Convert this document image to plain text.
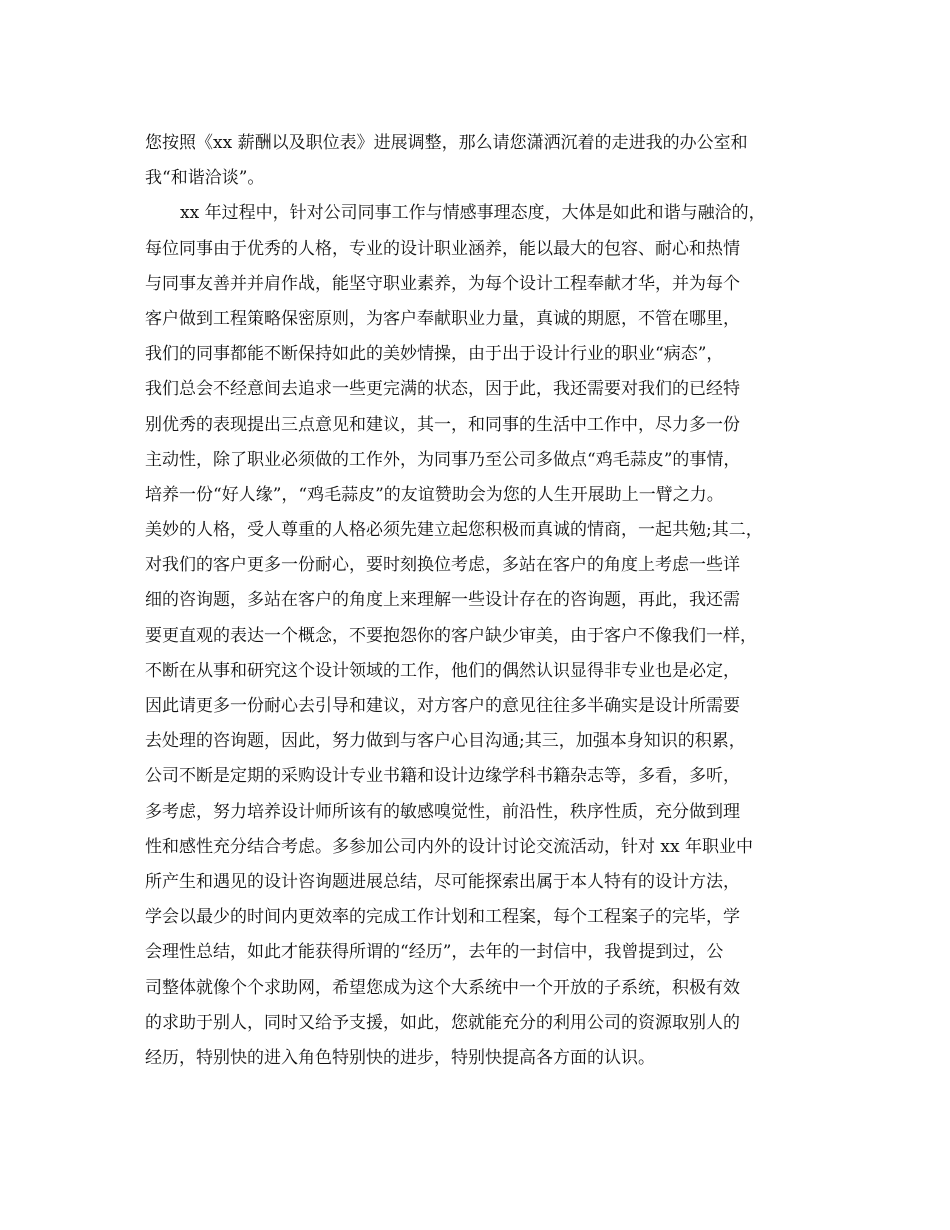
您按照《xx 薪酬以及职位表》进展调整，那么请您潇洒沉着的走进我的办公室和
我“和谐洽谈”。
xx 年过程中，针对公司同事工作与情感事理态度，大体是如此和谐与融洽的，
每位同事由于优秀的人格，专业的设计职业涵养，能以最大的包容、耐心和热情
与同事友善并并肩作战，能坚守职业素养，为每个设计工程奉献才华，并为每个
客户做到工程策略保密原则，为客户奉献职业力量，真诚的期愿，不管在哪里，
我们的同事都能不断保持如此的美妙情操，由于出于设计行业的职业“病态”，
我们总会不经意间去追求一些更完满的状态，因于此，我还需要对我们的已经特
别优秀的表现提出三点意见和建议，其一，和同事的生活中工作中，尽力多一份
主动性，除了职业必须做的工作外，为同事乃至公司多做点“鸡毛蒜皮”的事情，
培养一份“好人缘”，“鸡毛蒜皮”的友谊赞助会为您的人生开展助上一臂之力。
美妙的人格，受人尊重的人格必须先建立起您积极而真诚的情商，一起共勉;其二，
对我们的客户更多一份耐心，要时刻换位考虑，多站在客户的角度上考虑一些详
细的咨询题，多站在客户的角度上来理解一些设计存在的咨询题，再此，我还需
要更直观的表达一个概念，不要抱怨你的客户缺少审美，由于客户不像我们一样，
不断在从事和研究这个设计领域的工作，他们的偶然认识显得非专业也是必定，
因此请更多一份耐心去引导和建议，对方客户的意见往往多半确实是设计所需要
去处理的咨询题，因此，努力做到与客户心目沟通;其三，加强本身知识的积累，
公司不断是定期的采购设计专业书籍和设计边缘学科书籍杂志等，多看，多听，
多考虑，努力培养设计师所该有的敏感嗅觉性，前沿性，秩序性质，充分做到理
性和感性充分结合考虑。多参加公司内外的设计讨论交流活动，针对 xx 年职业中
所产生和遇见的设计咨询题进展总结，尽可能探索出属于本人特有的设计方法，
学会以最少的时间内更效率的完成工作计划和工程案，每个工程案子的完毕，学
会理性总结，如此才能获得所谓的“经历”，去年的一封信中，我曾提到过，公
司整体就像个个求助网，希望您成为这个大系统中一个开放的子系统，积极有效
的求助于别人，同时又给予支援，如此，您就能充分的利用公司的资源取别人的
经历，特别快的进入角色特别快的进步，特别快提高各方面的认识。
